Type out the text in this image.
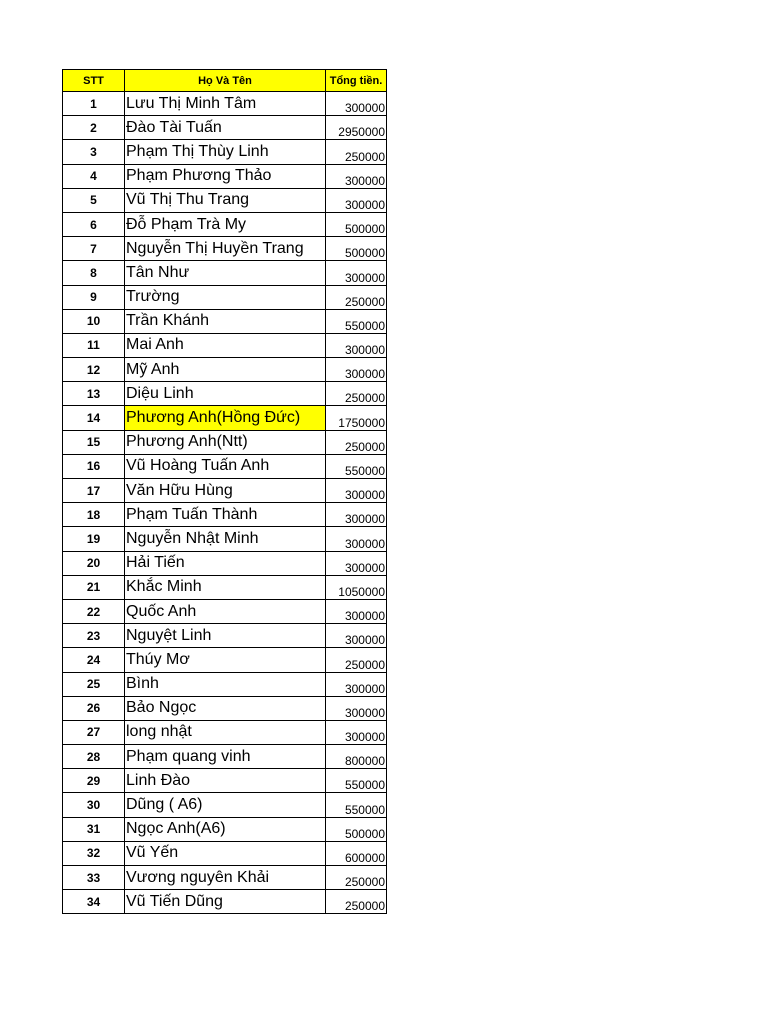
STT	Họ Và Tên	Tổng tiền.
1	Lưu Thị Minh Tâm	300000
2	Đào Tài Tuấn	2950000
3	Phạm Thị Thùy Linh	250000
4	Phạm Phương Thảo	300000
5	Vũ Thị Thu Trang	300000
6	Đỗ Phạm Trà My	500000
7	Nguyễn Thị Huyền Trang	500000
8	Tân Như	300000
9	Trường	250000
10	Trần Khánh	550000
11	Mai Anh	300000
12	Mỹ Anh	300000
13	Diệu Linh	250000
14	Phương Anh(Hồng Đức)	1750000
15	Phương Anh(Ntt)	250000
16	Vũ Hoàng Tuấn Anh	550000
17	Văn Hữu Hùng	300000
18	Phạm Tuấn Thành	300000
19	Nguyễn Nhật Minh	300000
20	Hải Tiến	300000
21	Khắc Minh	1050000
22	Quốc Anh	300000
23	Nguyệt Linh	300000
24	Thúy Mơ	250000
25	Bình	300000
26	Bảo Ngọc	300000
27	long nhật	300000
28	Phạm quang vinh	800000
29	Linh Đào	550000
30	Dũng ( A6)	550000
31	Ngọc Anh(A6)	500000
32	Vũ Yến	600000
33	Vương nguyên Khải	250000
34	Vũ Tiến Dũng	250000
